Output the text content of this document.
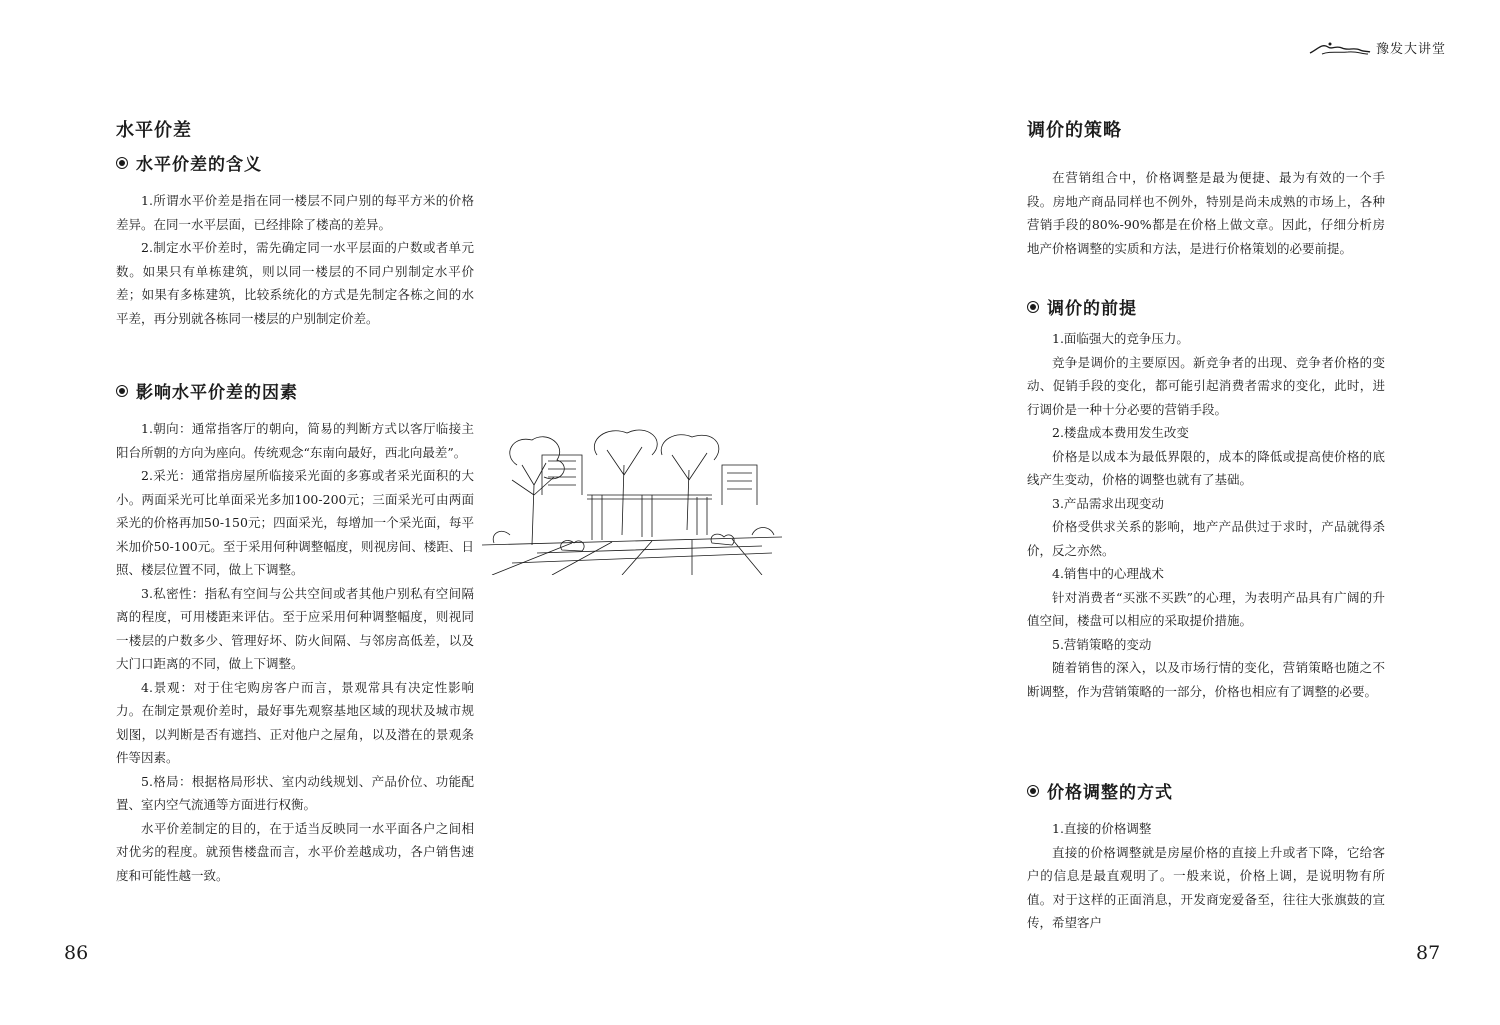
豫发大讲堂
水平价差
水平价差的含义

1.所谓水平价差是指在同一楼层不同户别的每平方米的价格差异。在同一水平层面，已经排除了楼高的差异。

2.制定水平价差时，需先确定同一水平层面的户数或者单元数。如果只有单栋建筑，则以同一楼层的不同户别制定水平价差；如果有多栋建筑，比较系统化的方式是先制定各栋之间的水平差，再分别就各栋同一楼层的户别制定价差。

影响水平价差的因素

1.朝向：通常指客厅的朝向，简易的判断方式以客厅临接主阳台所朝的方向为座向。传统观念“东南向最好，西北向最差”。

2.采光：通常指房屋所临接采光面的多寡或者采光面积的大小。两面采光可比单面采光多加100-200元；三面采光可由两面采光的价格再加50-150元；四面采光，每增加一个采光面，每平米加价50-100元。至于采用何种调整幅度，则视房间、楼距、日照、楼层位置不同，做上下调整。

3.私密性：指私有空间与公共空间或者其他户别私有空间隔离的程度，可用楼距来评估。至于应采用何种调整幅度，则视同一楼层的户数多少、管理好坏、防火间隔、与邻房高低差，以及大门口距离的不同，做上下调整。

4.景观：对于住宅购房客户而言，景观常具有决定性影响力。在制定景观价差时，最好事先观察基地区域的现状及城市规划图，以判断是否有遮挡、正对他户之屋角，以及潜在的景观条件等因素。

5.格局：根据格局形状、室内动线规划、产品价位、功能配置、室内空气流通等方面进行权衡。

水平价差制定的目的，在于适当反映同一水平面各户之间相对优劣的程度。就预售楼盘而言，水平价差越成功，各户销售速度和可能性越一致。

86
调价的策略

在营销组合中，价格调整是最为便捷、最为有效的一个手段。房地产商品同样也不例外，特别是尚未成熟的市场上，各种营销手段的80%-90%都是在价格上做文章。因此，仔细分析房地产价格调整的实质和方法，是进行价格策划的必要前提。

调价的前提

1.面临强大的竞争压力。

竞争是调价的主要原因。新竞争者的出现、竞争者价格的变动、促销手段的变化，都可能引起消费者需求的变化，此时，进行调价是一种十分必要的营销手段。

2.楼盘成本费用发生改变

价格是以成本为最低界限的，成本的降低或提高使价格的底线产生变动，价格的调整也就有了基础。

3.产品需求出现变动

价格受供求关系的影响，地产产品供过于求时，产品就得杀价，反之亦然。

4.销售中的心理战术

针对消费者“买涨不买跌”的心理，为表明产品具有广阔的升值空间，楼盘可以相应的采取提价措施。

5.营销策略的变动

随着销售的深入，以及市场行情的变化，营销策略也随之不断调整，作为营销策略的一部分，价格也相应有了调整的必要。

价格调整的方式

1.直接的价格调整

直接的价格调整就是房屋价格的直接上升或者下降，它给客户的信息是最直观明了。一般来说，价格上调，是说明物有所值。对于这样的正面消息，开发商宠爱备至，往往大张旗鼓的宣传，希望客户

87
